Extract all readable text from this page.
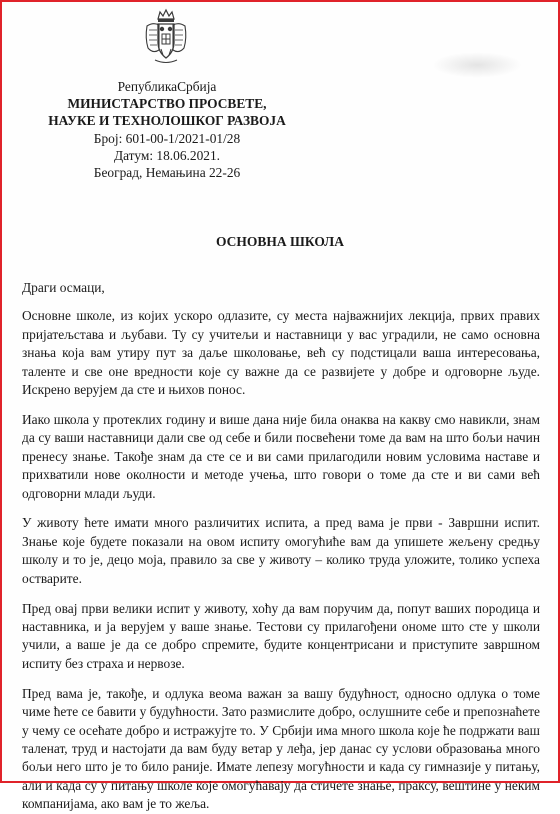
РепубликаСрбија
МИНИСТАРСТВО ПРОСВЕТЕ,
НАУКЕ И ТЕХНОЛОШКОГ РАЗВОЈА
Број: 601-00-1/2021-01/28
Датум: 18.06.2021.
Београд, Немањина 22-26
ОСНОВНА ШКОЛА

Драги осмаци,

Основне школе, из којих ускоро одлазите, су места најважнијих лекција, првих правих пријатељстава и љубави. Ту су учитељи и наставници у вас уградили, не само основна знања која вам утиру пут за даље школовање, већ су подстицали ваша интересовања, таленте и све оне вредности које су важне да се развијете у добре и одговорне људе. Искрено верујем да сте и њихов понос.

Иако школа у протеклих годину и више дана није била онаква на какву смо навикли, знам да су ваши наставници дали све од себе и били посвећени томе да вам на што бољи начин пренесу знање. Такође знам да сте се и ви сами прилагодили новим условима наставе и прихватили нове околности и методе учења, што говори о томе да сте и ви сами већ одговорни млади људи.

У животу ћете имати много различитих испита, а пред вама је први - Завршни испит. Знање које будете показали на овом испиту омогућиће вам да упишете жељену средњу школу и то је, децо моја, правило за све у животу – колико труда уложите, толико успеха остварите.

Пред овај први велики испит у животу, хоћу да вам поручим да, попут ваших породица и наставника, и ја верујем у ваше знање. Тестови су прилагођени ономе што сте у школи учили, а ваше је да се добро спремите, будите концентрисани и приступите завршном испиту без страха и нервозе.

Пред вама је, такође, и одлука веома важан за вашу будућност, односно одлука о томе чиме ћете се бавити у будућности. Зато размислите добро, ослушните себе и препознаћете у чему се осећате добро и истражујте то. У Србији има много школа које ће подржати ваш таленат, труд и настојати да вам буду ветар у леђа, јер данас су услови образовања много бољи него што је то било раније. Имате лепезу могућности и када су гимназије у питању, али и када су у питању школе које омогућавају да стичете знање, праксу, вештине у неким компанијама, ако вам је то жеља.
